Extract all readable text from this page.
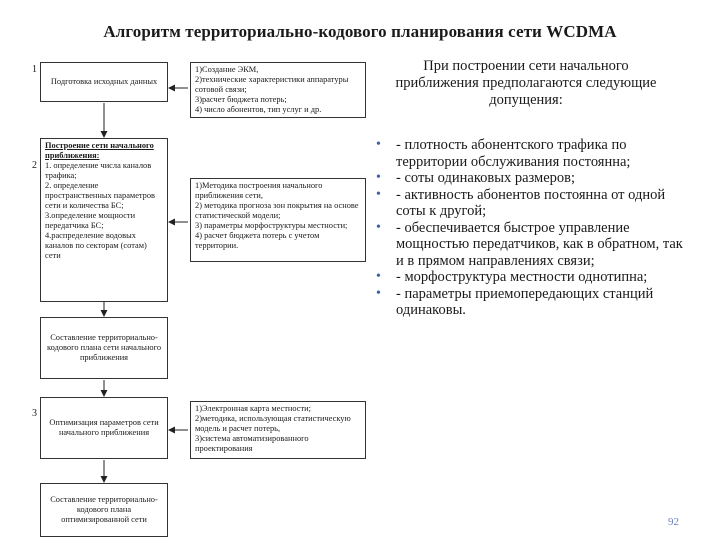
Алгоритм территориально-кодового планирования сети WCDMA
1
2
3
Подготовка исходных данных
1)Создание ЭКМ,
2)технические характеристики аппаратуры сотовой связи;
3)расчет бюджета потерь;
4) число абонентов, тип услуг и др.
Построение сети начального приближения:
1. определение числа каналов трафика;
2. определение пространственных параметров сети и количества БС;
3.определение мощности передатчика БС;
4.распределение водовых каналов по секторам (сотам) сети
1)Методика построения начального приближения сети,
2) методика прогноза зон покрытия на основе статистической модели;
3) параметры морфоструктуры местности;
4) расчет бюджета потерь с учетом территории.
Составление территориально-кодового плана сети начального приближения
Оптимизация параметров сети начального приближения
1)Электронная карта местности;
2)методика, использующая статистическую модель и расчет потерь,
3)система автоматизированного проектирования
Составление территориально-кодового плана оптимизированной сети
При построении сети начального приближения предполагаются следующие допущения:
• - плотность абонентского трафика по территории обслуживания постоянна;
• - соты одинаковых размеров;
• - активность абонентов постоянна от одной соты к другой;
• - обеспечивается быстрое управление мощностью передатчиков, как в обратном, так и в прямом направлениях связи;
• - морфоструктура местности однотипна;
• - параметры приемопередающих станций одинаковы.
92
